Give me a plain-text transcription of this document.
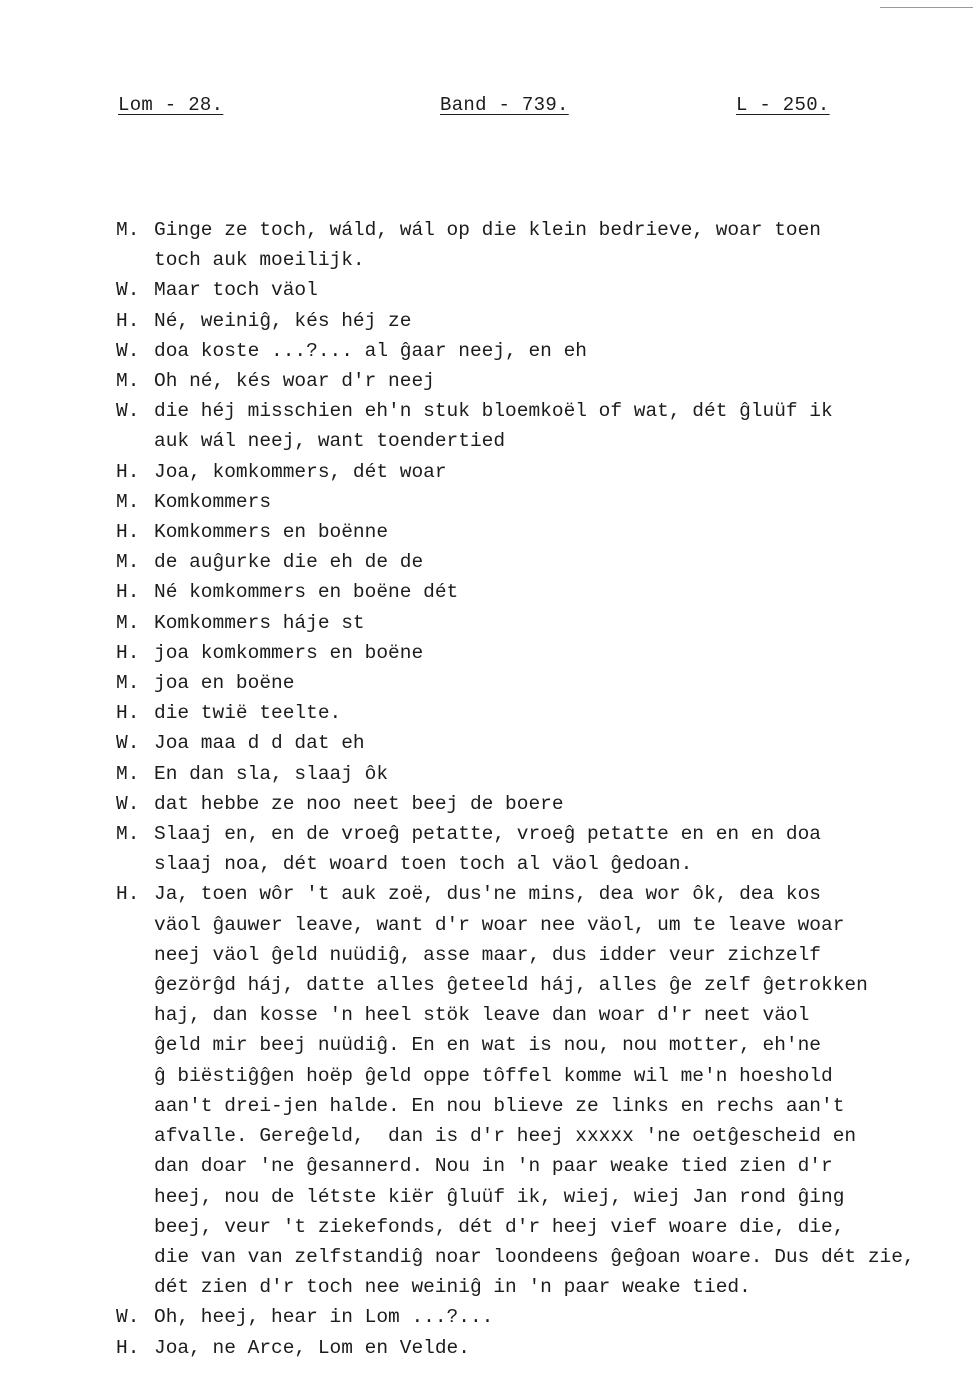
Lom - 28.	Band - 739.	L - 250.
M. Ginge ze toch, wáld, wál op die klein bedrieve, woar toen
toch auk moeilijk.
W. Maar toch väol
H. Né, weiniĝ, kés héj ze
W. doa koste ...?... al ĝaar neej, en eh
M. Oh né, kés woar d'r neej
W. die héj misschien eh'n stuk bloemkoël of wat, dét ĝluüf ik
auk wál neej, want toendertied
H. Joa, komkommers, dét woar
M. Komkommers
H. Komkommers en boënne
M. de auĝurke die eh de de
H. Né komkommers en boëne dét
M. Komkommers háje st
H. joa komkommers en boëne
M. joa en boëne
H. die twië teelte.
W. Joa maa d d dat eh
M. En dan sla, slaaj ôk
W. dat hebbe ze noo neet beej de boere
M. Slaaj en, en de vroeĝ petatte, vroeĝ petatte en en en doa
slaaj noa, dét woard toen toch al väol ĝedoan.
H. Ja, toen wôr 't auk zoë, dus'ne mins, dea wor ôk, dea kos
väol ĝauwer leave, want d'r woar nee väol, um te leave woar
neej väol ĝeld nuüdiĝ, asse maar, dus idder veur zichzelf
ĝezörĝd háj, datte alles ĝeteeld háj, alles ĝe zelf ĝetrokken
haj, dan kosse 'n heel stök leave dan woar d'r neet väol
ĝeld mir beej nuüdiĝ. En en wat is nou, nou motter, eh'ne
ĝ biëstiĝĝen hoëp ĝeld oppe tôffel komme wil me'n hoeshold
aan't drei-jen halde. En nou blieve ze links en rechs aan't
afvalle. Gereĝeld,  dan is d'r heej xxxxx 'ne oetĝescheid en
dan doar 'ne ĝesannerd. Nou in 'n paar weake tied zien d'r
heej, nou de létste kiër ĝluüf ik, wiej, wiej Jan rond ĝing
beej, veur 't ziekefonds, dét d'r heej vief woare die, die,
die van van zelfstandiĝ noar loondeens ĝeĝoan woare. Dus dét zie,
dét zien d'r toch nee weiniĝ in 'n paar weake tied.
W. Oh, heej, hear in Lom ...?...
H. Joa, ne Arce, Lom en Velde.
